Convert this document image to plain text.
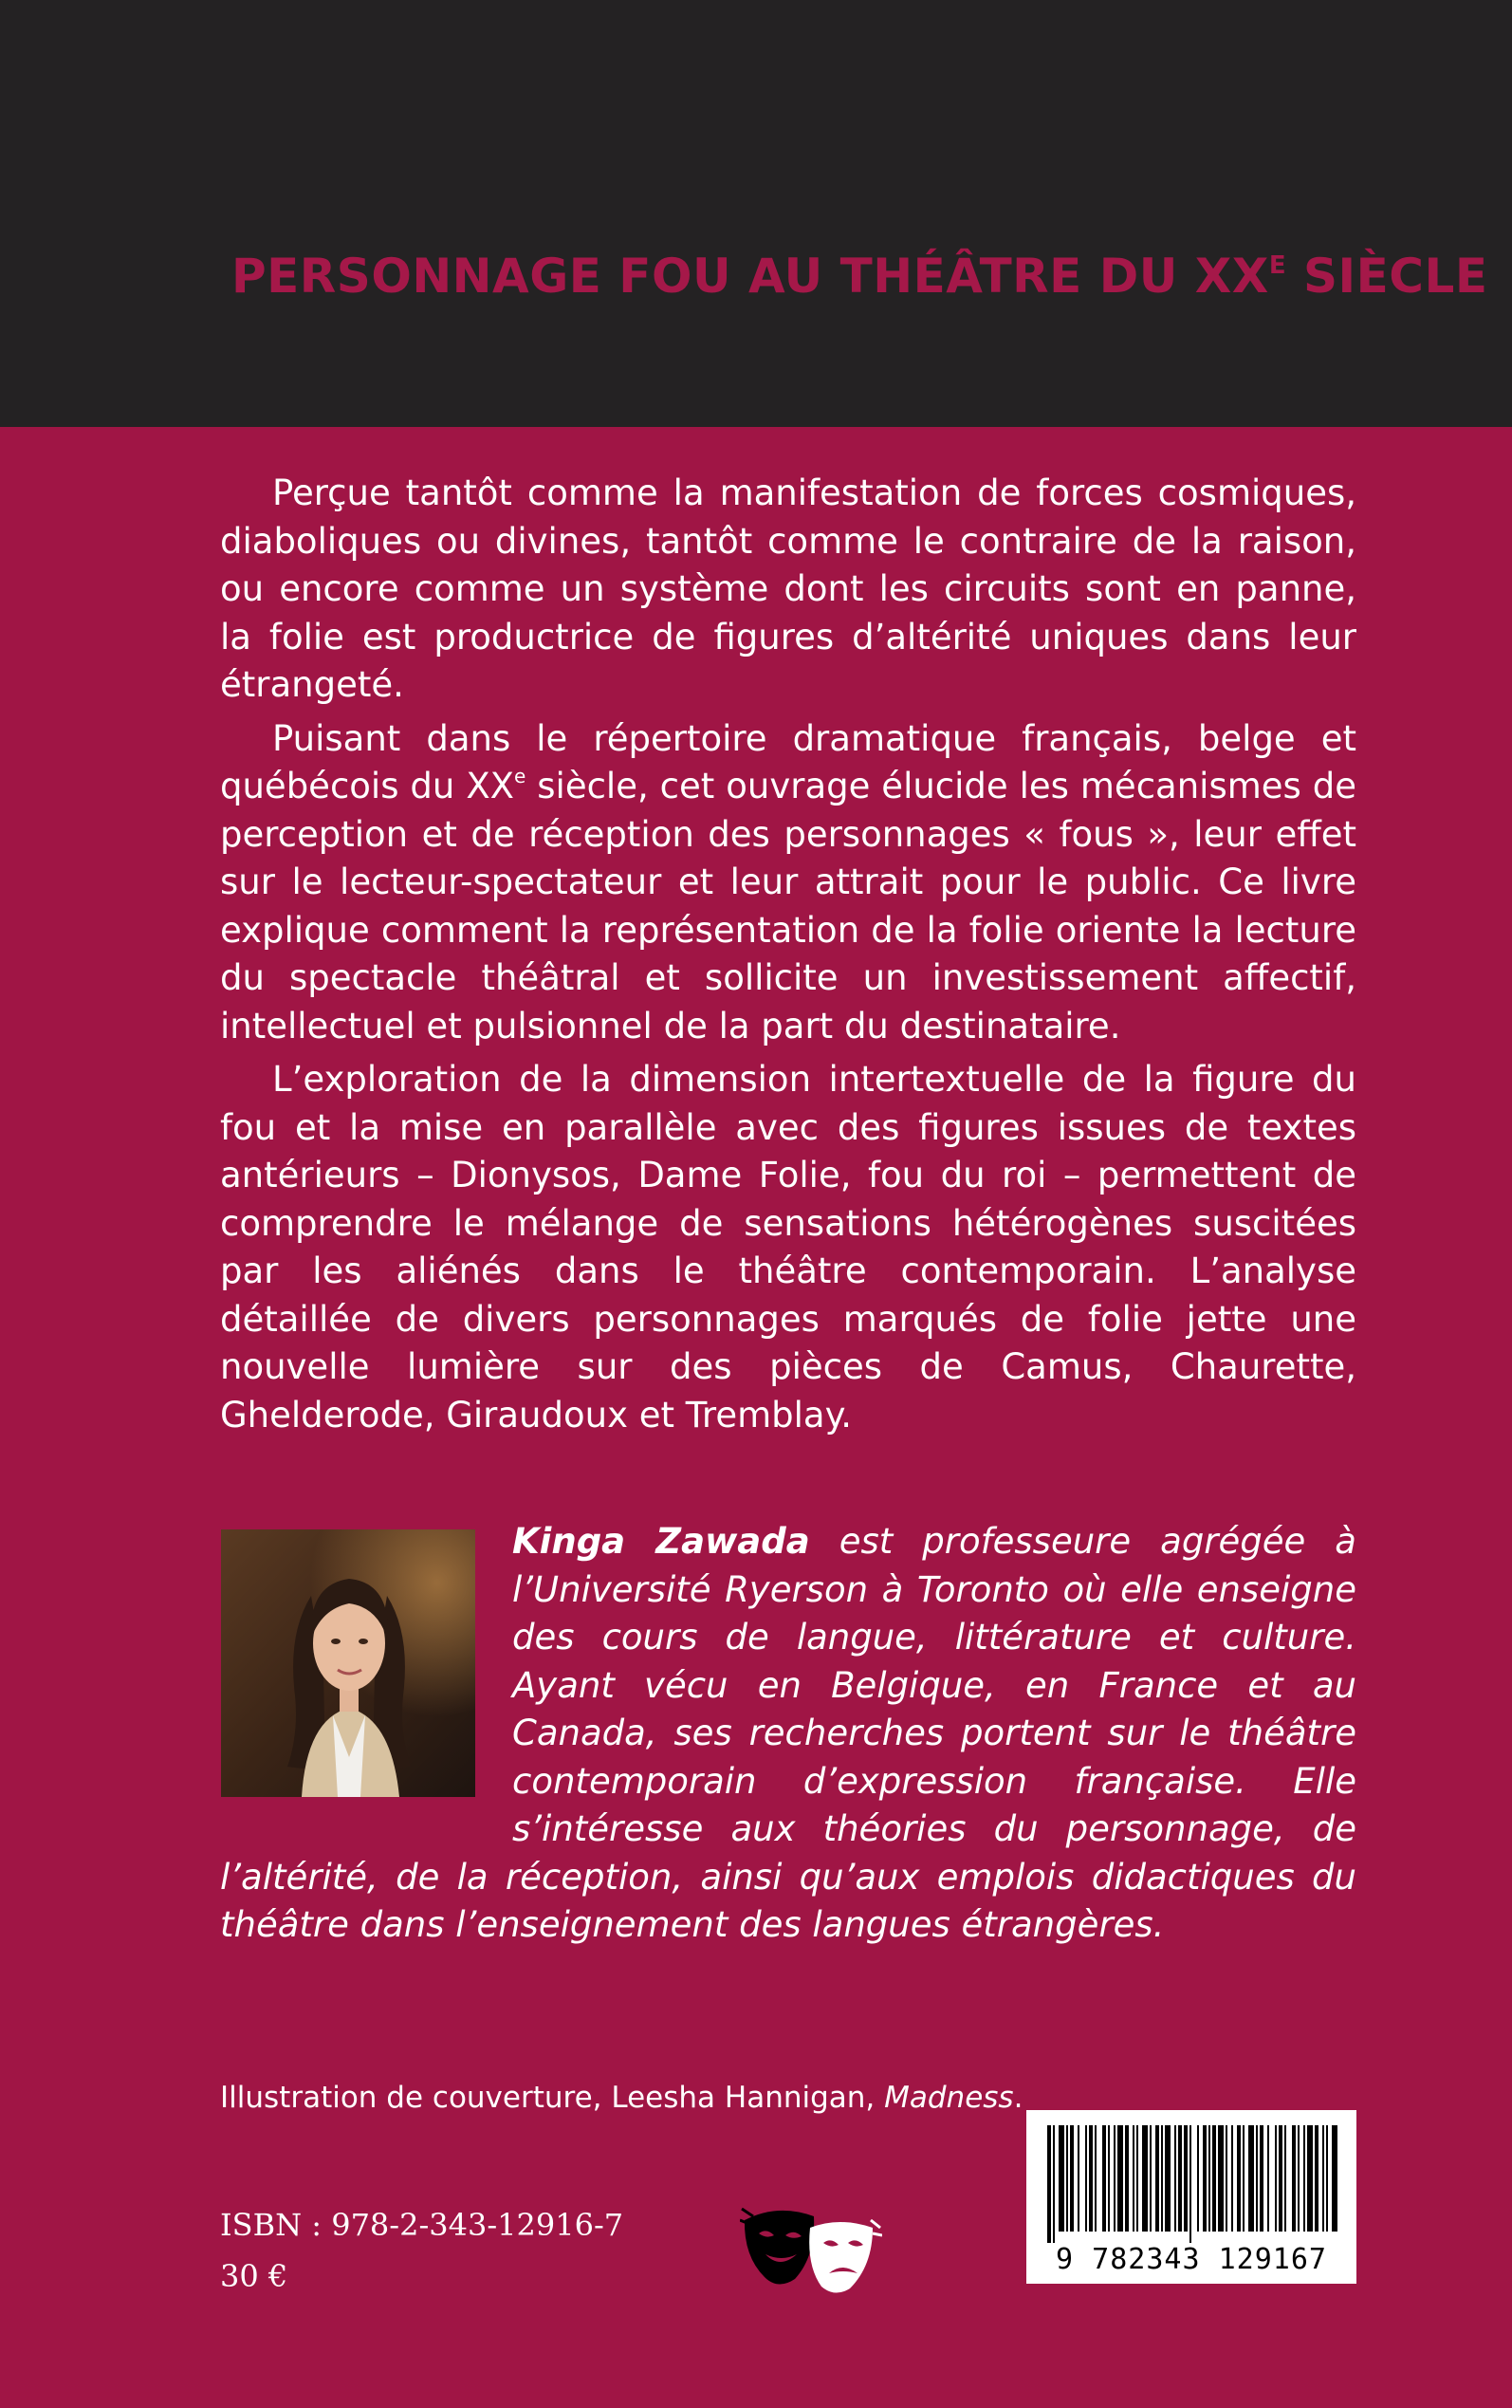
PERSONNAGE FOU AU THÉÂTRE DU $XX^E$ SIÈCLE

Perçue tantôt comme la manifestation de forces cosmiques, diaboliques ou divines, tantôt comme le contraire de la raison, ou encore comme un système dont les circuits sont en panne, la folie est productrice de figures d’altérité uniques dans leur étrangeté.

Puisant dans le répertoire dramatique français, belge et québécois du XXe siècle, cet ouvrage élucide les mécanismes de perception et de réception des personnages « fous », leur effet sur le lecteur-spectateur et leur attrait pour le public. Ce livre explique comment la représentation de la folie oriente la lecture du spectacle théâtral et sollicite un investissement affectif, intellectuel et pulsionnel de la part du destinataire.

L’exploration de la dimension intertextuelle de la figure du fou et la mise en parallèle avec des figures issues de textes antérieurs – Dionysos, Dame Folie, fou du roi – permettent de comprendre le mélange de sensations hétérogènes suscitées par les aliénés dans le théâtre contemporain. L’analyse détaillée de divers personnages marqués de folie jette une nouvelle lumière sur des pièces de Camus, Chaurette, Ghelderode, Giraudoux et Tremblay.

Kinga Zawada est professeure agrégée à l’Université Ryerson à Toronto où elle enseigne des cours de langue, littérature et culture. Ayant vécu en Belgique, en France et au Canada, ses recherches portent sur le théâtre contemporain d’expression française. Elle s’intéresse aux théories du personnage, de l’altérité, de la réception, ainsi qu’aux emplois didactiques du théâtre dans l’enseignement des langues étrangères.
Illustration de couverture, Leesha Hannigan, Madness.
ISBN : 978-2-343-12916-7
30 €	9 782343 129167
